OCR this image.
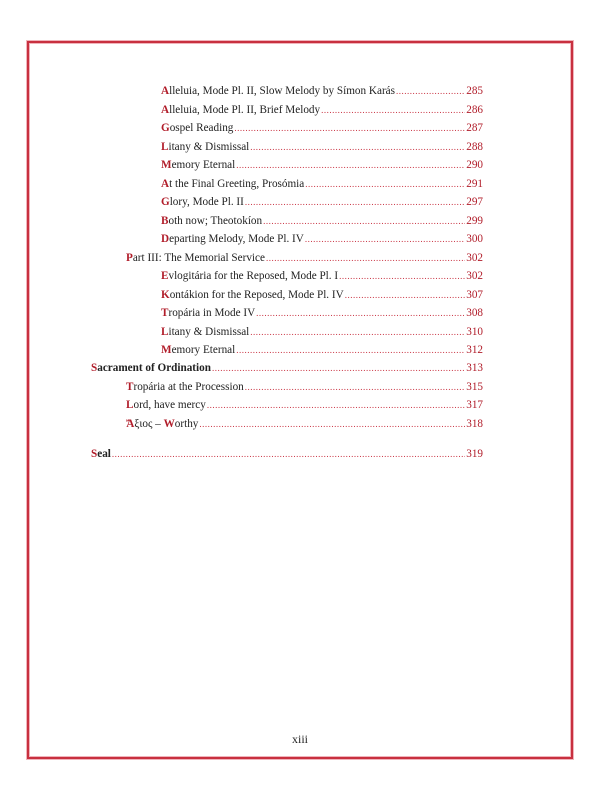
Alleluia, Mode Pl. II, Slow Melody by Símon Karás .....	285
Alleluia, Mode Pl. II, Brief Melody .....	286
Gospel Reading .....	287
Litany & Dismissal .....	288
Memory Eternal .....	290
At the Final Greeting, Prosómia .....	291
Glory, Mode Pl. II .....	297
Both now; Theotokíon .....	299
Departing Melody, Mode Pl. IV .....	300
Part III: The Memorial Service .....	302
Evlogitária for the Reposed, Mode Pl. I .....	302
Kontákion for the Reposed, Mode Pl. IV .....	307
Tropária in Mode IV .....	308
Litany & Dismissal .....	310
Memory Eternal .....	312
Sacrament of Ordination .....	313
Tropária at the Procession .....	315
Lord, have mercy .....	317
Ἄξιος – Worthy .....	318
Seal .....	319
xiii
